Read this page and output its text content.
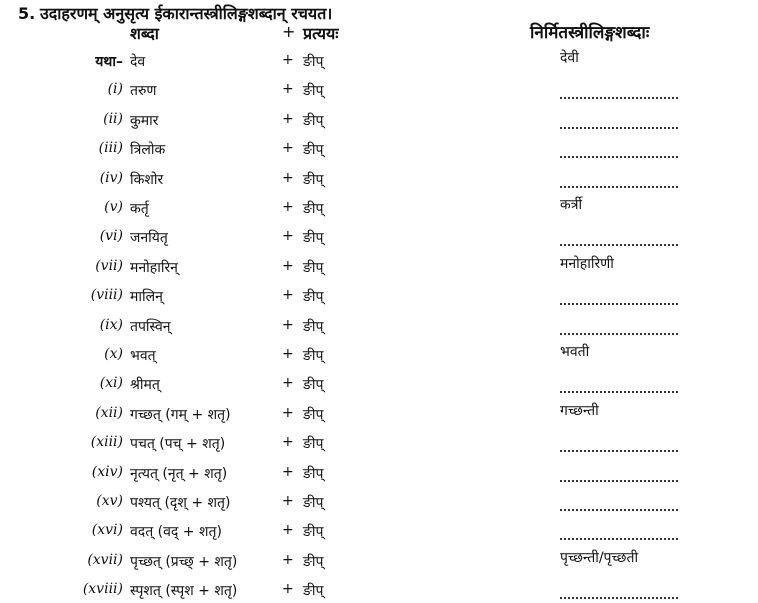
5. उदाहरणम् अनुसृत्य ईकारान्तस्त्रीलिङ्गशब्दान् रचयत।
शब्दा	+ प्रत्ययः	निर्मितस्त्रीलिङ्गशब्दाः
यथा– देव	+ ङीप्	देवी
(i) तरुण	+ ङीप्
(ii) कुमार	+ ङीप्
(iii) त्रिलोक	+ ङीप्
(iv) किशोर	+ ङीप्
(v) कर्तृ	+ ङीप्	कर्त्री
(vi) जनयितृ	+ ङीप्
(vii) मनोहारिन्	+ ङीप्	मनोहारिणी
(viii) मालिन्	+ ङीप्
(ix) तपस्विन्	+ ङीप्
(x) भवत्	+ ङीप्	भवती
(xi) श्रीमत्	+ ङीप्
(xii) गच्छत् (गम् + शतृ)	+ ङीप्	गच्छन्ती
(xiii) पचत् (पच् + शतृ)	+ ङीप्
(xiv) नृत्यत् (नृत् + शतृ)	+ ङीप्
(xv) पश्यत् (दृश् + शतृ)	+ ङीप्
(xvi) वदत् (वद् + शतृ)	+ ङीप्
(xvii) पृच्छत् (प्रच्छ् + शतृ)	+ ङीप्	पृच्छन्ती/पृच्छती
(xviii) स्पृशत् (स्पृश + शतृ)	+ ङीप्
